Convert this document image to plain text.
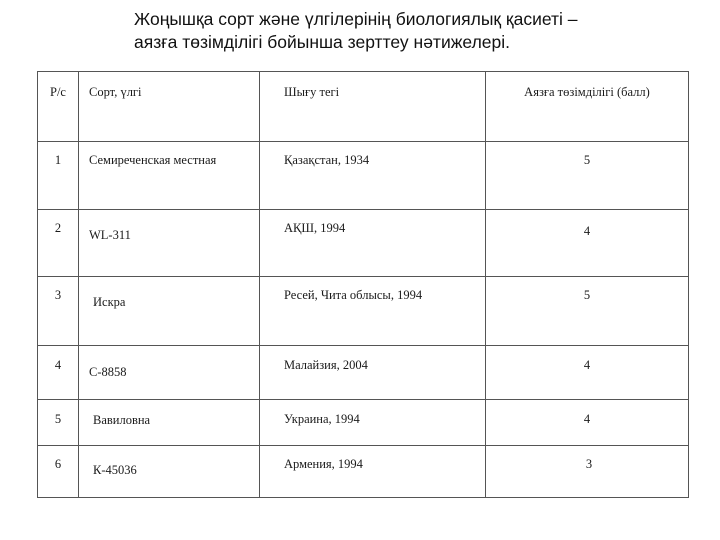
Жоңышқа сорт және үлгілерінің биологиялық қасиеті –
аязға төзімділігі бойынша зерттеу нәтижелері.
Р/с	Сорт, үлгі	Шығу тегі	Аязға төзімділігі (балл)

1	Семиреченская местная	Қазақстан, 1934	5

2	WL-311	АҚШ, 1994	4

3	Искра	Ресей, Чита облысы, 1994	5

4	С-8858	Малайзия, 2004	4

5	Вавиловна	Украина, 1994	4

6	К-45036	Армения, 1994	3
